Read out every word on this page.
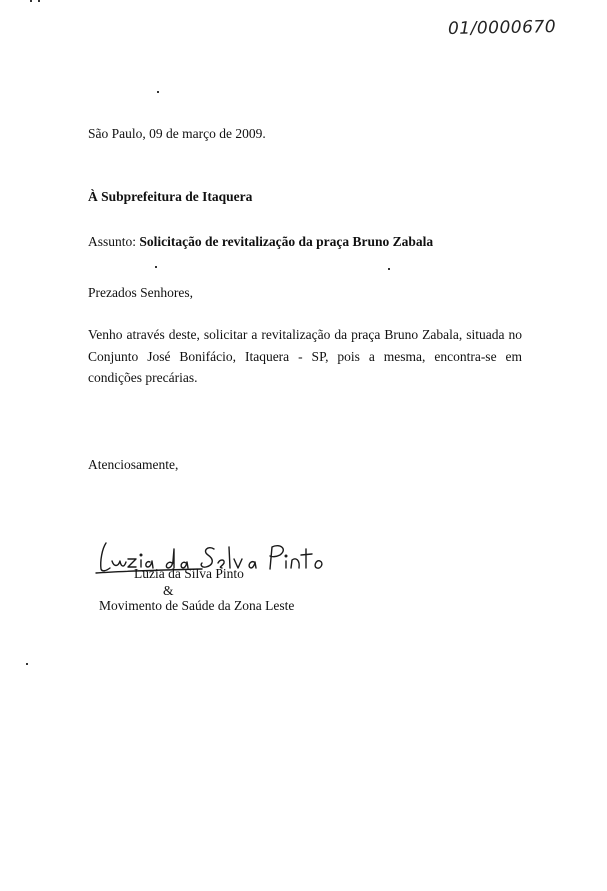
01/0000670
São Paulo, 09 de março de 2009.
À Subprefeitura de Itaquera
Assunto: Solicitação de revitalização da praça Bruno Zabala
Prezados Senhores,
Venho através deste, solicitar a revitalização da praça Bruno Zabala, situada no Conjunto José Bonifácio, Itaquera - SP, pois a mesma, encontra-se em condições precárias.
Atenciosamente,
Luzia da Silva Pinto
&
Movimento de Saúde da Zona Leste
